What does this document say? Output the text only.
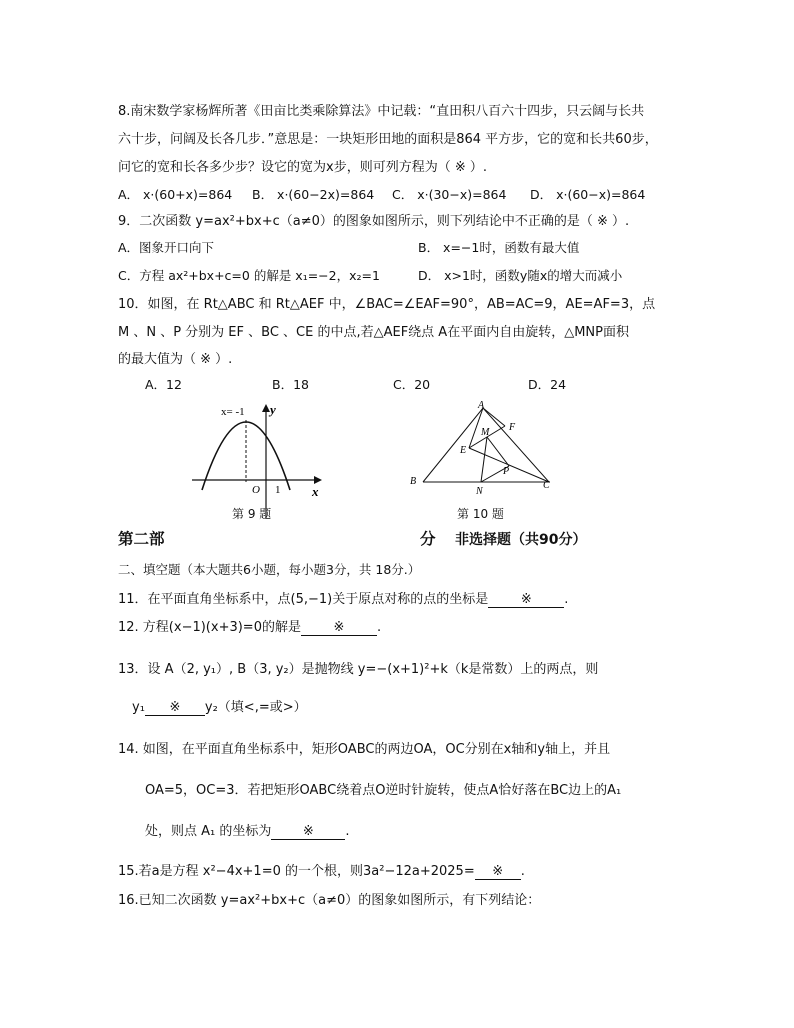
8.南宋数学家杨辉所著《田亩比类乘除算法》中记载：“直田积八百六十四步，只云阔与长共
六十步，问阔及长各几步．”意思是：一块矩形田地的面积是864 平方步，它的宽和长共60步，
问它的宽和长各多少步？设它的宽为x步，则可列方程为（ ※ ）.
A． x·(60+x)=864 B． x·(60−2x)=864 C． x·(30−x)=864 D． x·(60−x)=864
9．二次函数 y=ax²+bx+c（a≠0）的图象如图所示，则下列结论中不正确的是（ ※ ）.
A．图象开口向下	B． x=−1时，函数有最大值
C．方程 ax²+bx+c=0 的解是 x₁=−2，x₂=1	D． x>1时，函数y随x的增大而减小
10．如图，在 Rt△ABC 和 Rt△AEF 中，∠BAC=∠EAF=90°，AB=AC=9，AE=AF=3，点
M 、N 、P 分别为 EF 、BC 、CE 的中点,若△AEF绕点 A在平面内自由旋转，△MNP面积
的最大值为（ ※ ）.
A．12	B．18	C．20	D．24
x= -1 y
x
O 1
第 9 题
A
M F
E
P
B
N
C
第 10 题
第二部	分 非选择题（共90分）
二、填空题（本大题共6小题，每小题3分，共 18分.）
11．在平面直角坐标系中，点(5,−1)关于原点对称的点的坐标是	※	.
12. 方程(x−1)(x+3)=0的解是	※	.
13．设 A（2, y₁）, B（3, y₂）是抛物线 y=−(x+1)²+k（k是常数）上的两点，则
y₁ ※ y₂（填<,=或>）
14. 如图，在平面直角坐标系中，矩形OABC的两边OA，OC分别在x轴和y轴上，并且
OA=5，OC=3．若把矩形OABC绕着点O逆时针旋转，使点A恰好落在BC边上的A₁
处，则点 A₁ 的坐标为 ※ .
15.若a是方程 x²−4x+1=0 的一个根，则3a²−12a+2025= ※ .
16.已知二次函数 y=ax²+bx+c（a≠0）的图象如图所示，有下列结论：
